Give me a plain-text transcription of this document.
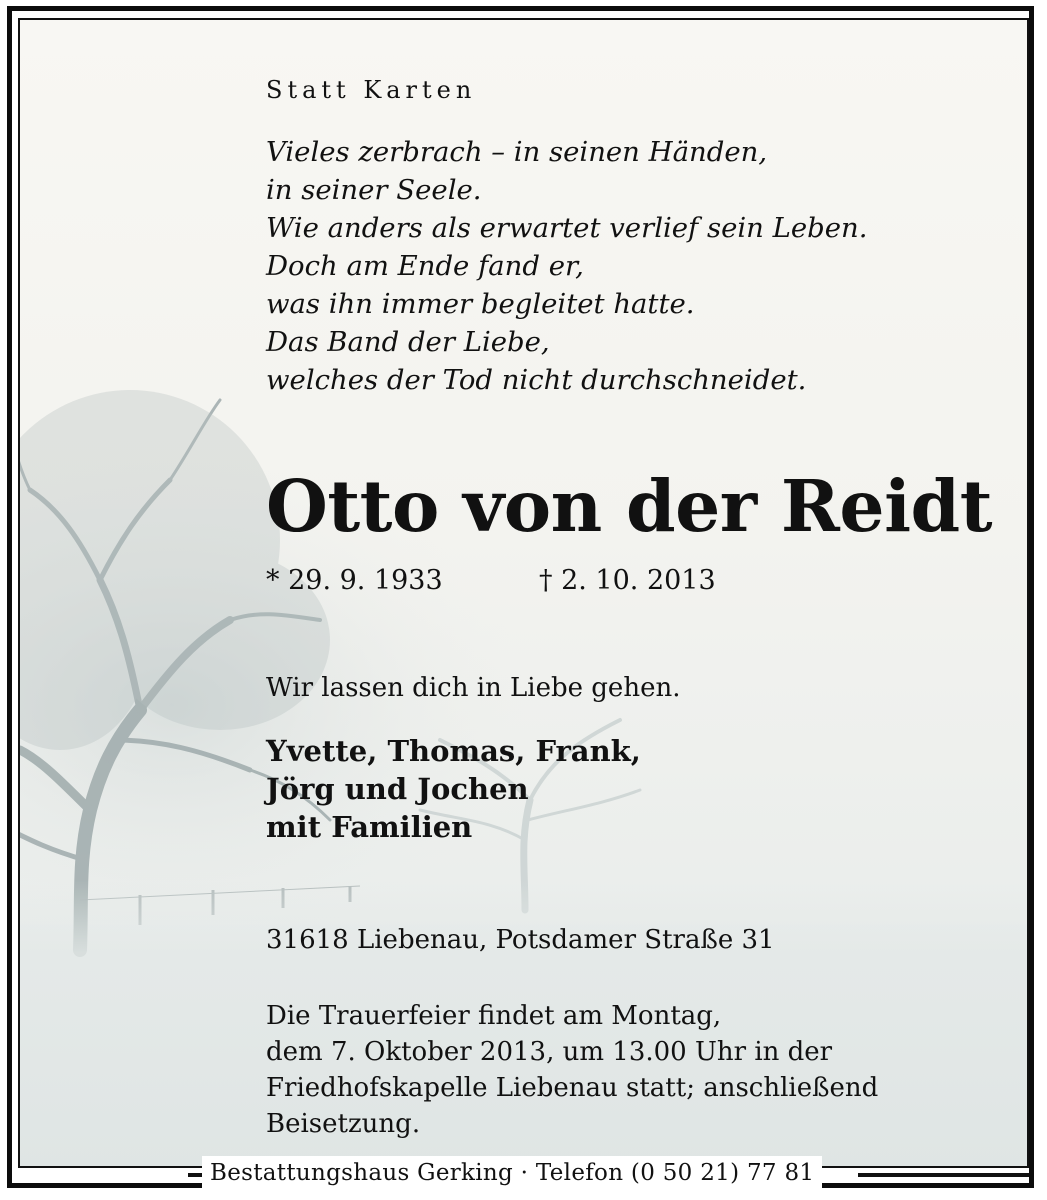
Statt Karten
Vieles zerbrach – in seinen Händen,
in seiner Seele.
Wie anders als erwartet verlief sein Leben.
Doch am Ende fand er,
was ihn immer begleitet hatte.
Das Band der Liebe,
welches der Tod nicht durchschneidet.
Otto von der Reidt
* 29. 9. 1933	† 2. 10. 2013
Wir lassen dich in Liebe gehen.
Yvette, Thomas, Frank,
Jörg und Jochen
mit Familien
31618 Liebenau, Potsdamer Straße 31
Die Trauerfeier findet am Montag,
dem 7. Oktober 2013, um 13.00 Uhr in der
Friedhofskapelle Liebenau statt; anschließend
Beisetzung.
Bestattungshaus Gerking · Telefon (0 50 21) 77 81
